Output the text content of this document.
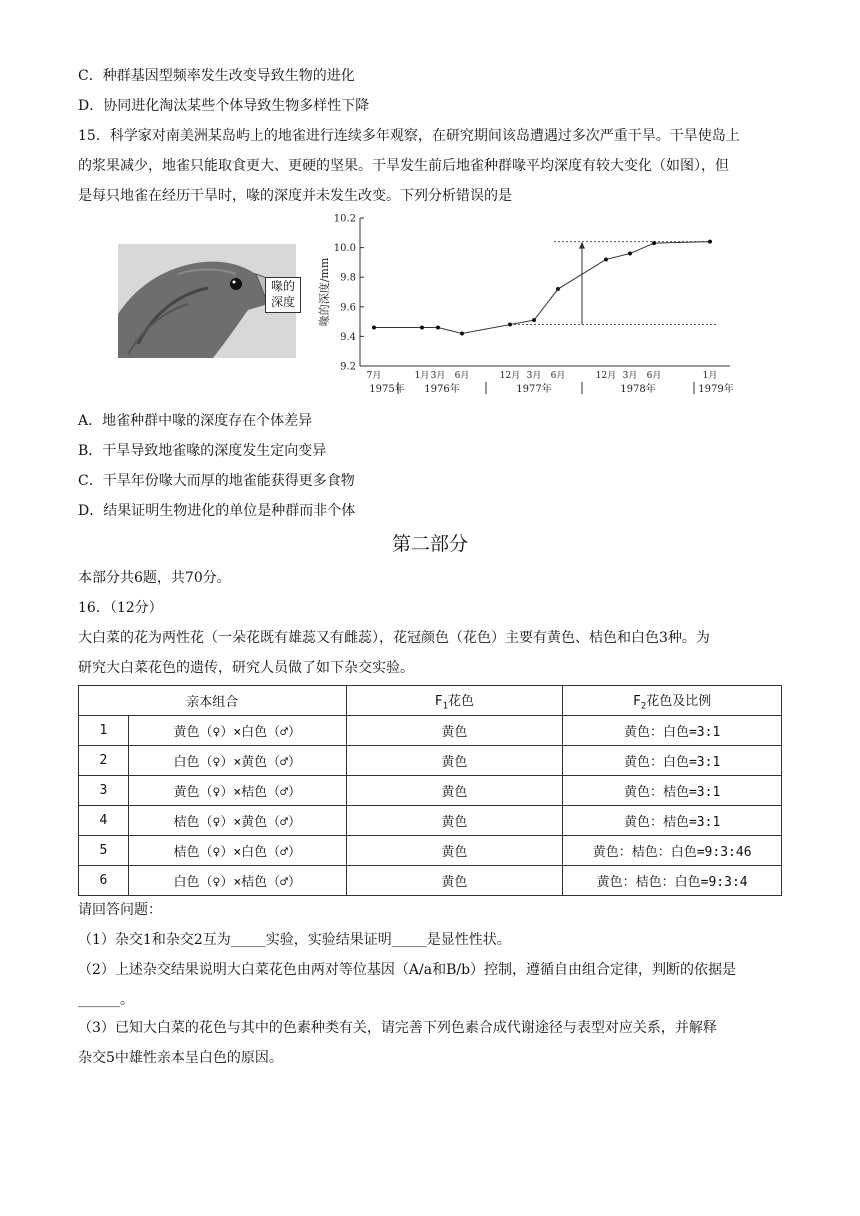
C．种群基因型频率发生改变导致生物的进化
D．协同进化淘汰某些个体导致生物多样性下降
15．科学家对南美洲某岛屿上的地雀进行连续多年观察，在研究期间该岛遭遇过多次严重干旱。干旱使岛上
的浆果减少，地雀只能取食更大、更硬的坚果。干旱发生前后地雀种群喙平均深度有较大变化（如图），但
是每只地雀在经历干旱时，喙的深度并未发生改变。下列分析错误的是
喙的
深度
9.2
9.4
9.6
9.8
10.0
10.2
喙的深度/mm
7月	1月 3月 6月	12月 3月 6月	12月 3月 6月	1月
1975年 1976年	1977年	1978年	1979年
A．地雀种群中喙的深度存在个体差异
B．干旱导致地雀喙的深度发生定向变异
C．干旱年份喙大而厚的地雀能获得更多食物
D．结果证明生物进化的单位是种群而非个体
第二部分
本部分共6题，共70分。
16．（12分）
大白菜的花为两性花（一朵花既有雄蕊又有雌蕊），花冠颜色（花色）主要有黄色、桔色和白色3种。为
研究大白菜花色的遗传，研究人员做了如下杂交实验。
亲本组合		$F_1$花色	$F_2$花色及比例
1	黄色（♀）×白色（♂）	黄色	黄色：白色=3:1
2	白色（♀）×黄色（♂）	黄色	黄色：白色=3:1
3	黄色（♀）×桔色（♂）	黄色	黄色：桔色=3:1
4	桔色（♀）×黄色（♂）	黄色	黄色：桔色=3:1
5	桔色（♀）×白色（♂）	黄色	黄色：桔色：白色=9:3:46
6	白色（♀）×桔色（♂）	黄色	黄色：桔色：白色=9:3:4
请回答问题：
（1）杂交1和杂交2互为_____实验，实验结果证明_____是显性性状。
（2）上述杂交结果说明大白菜花色由两对等位基因（A/a和B/b）控制，遵循自由组合定律，判断的依据是
______。
（3）已知大白菜的花色与其中的色素种类有关，请完善下列色素合成代谢途径与表型对应关系，并解释
杂交5中雄性亲本呈白色的原因。
